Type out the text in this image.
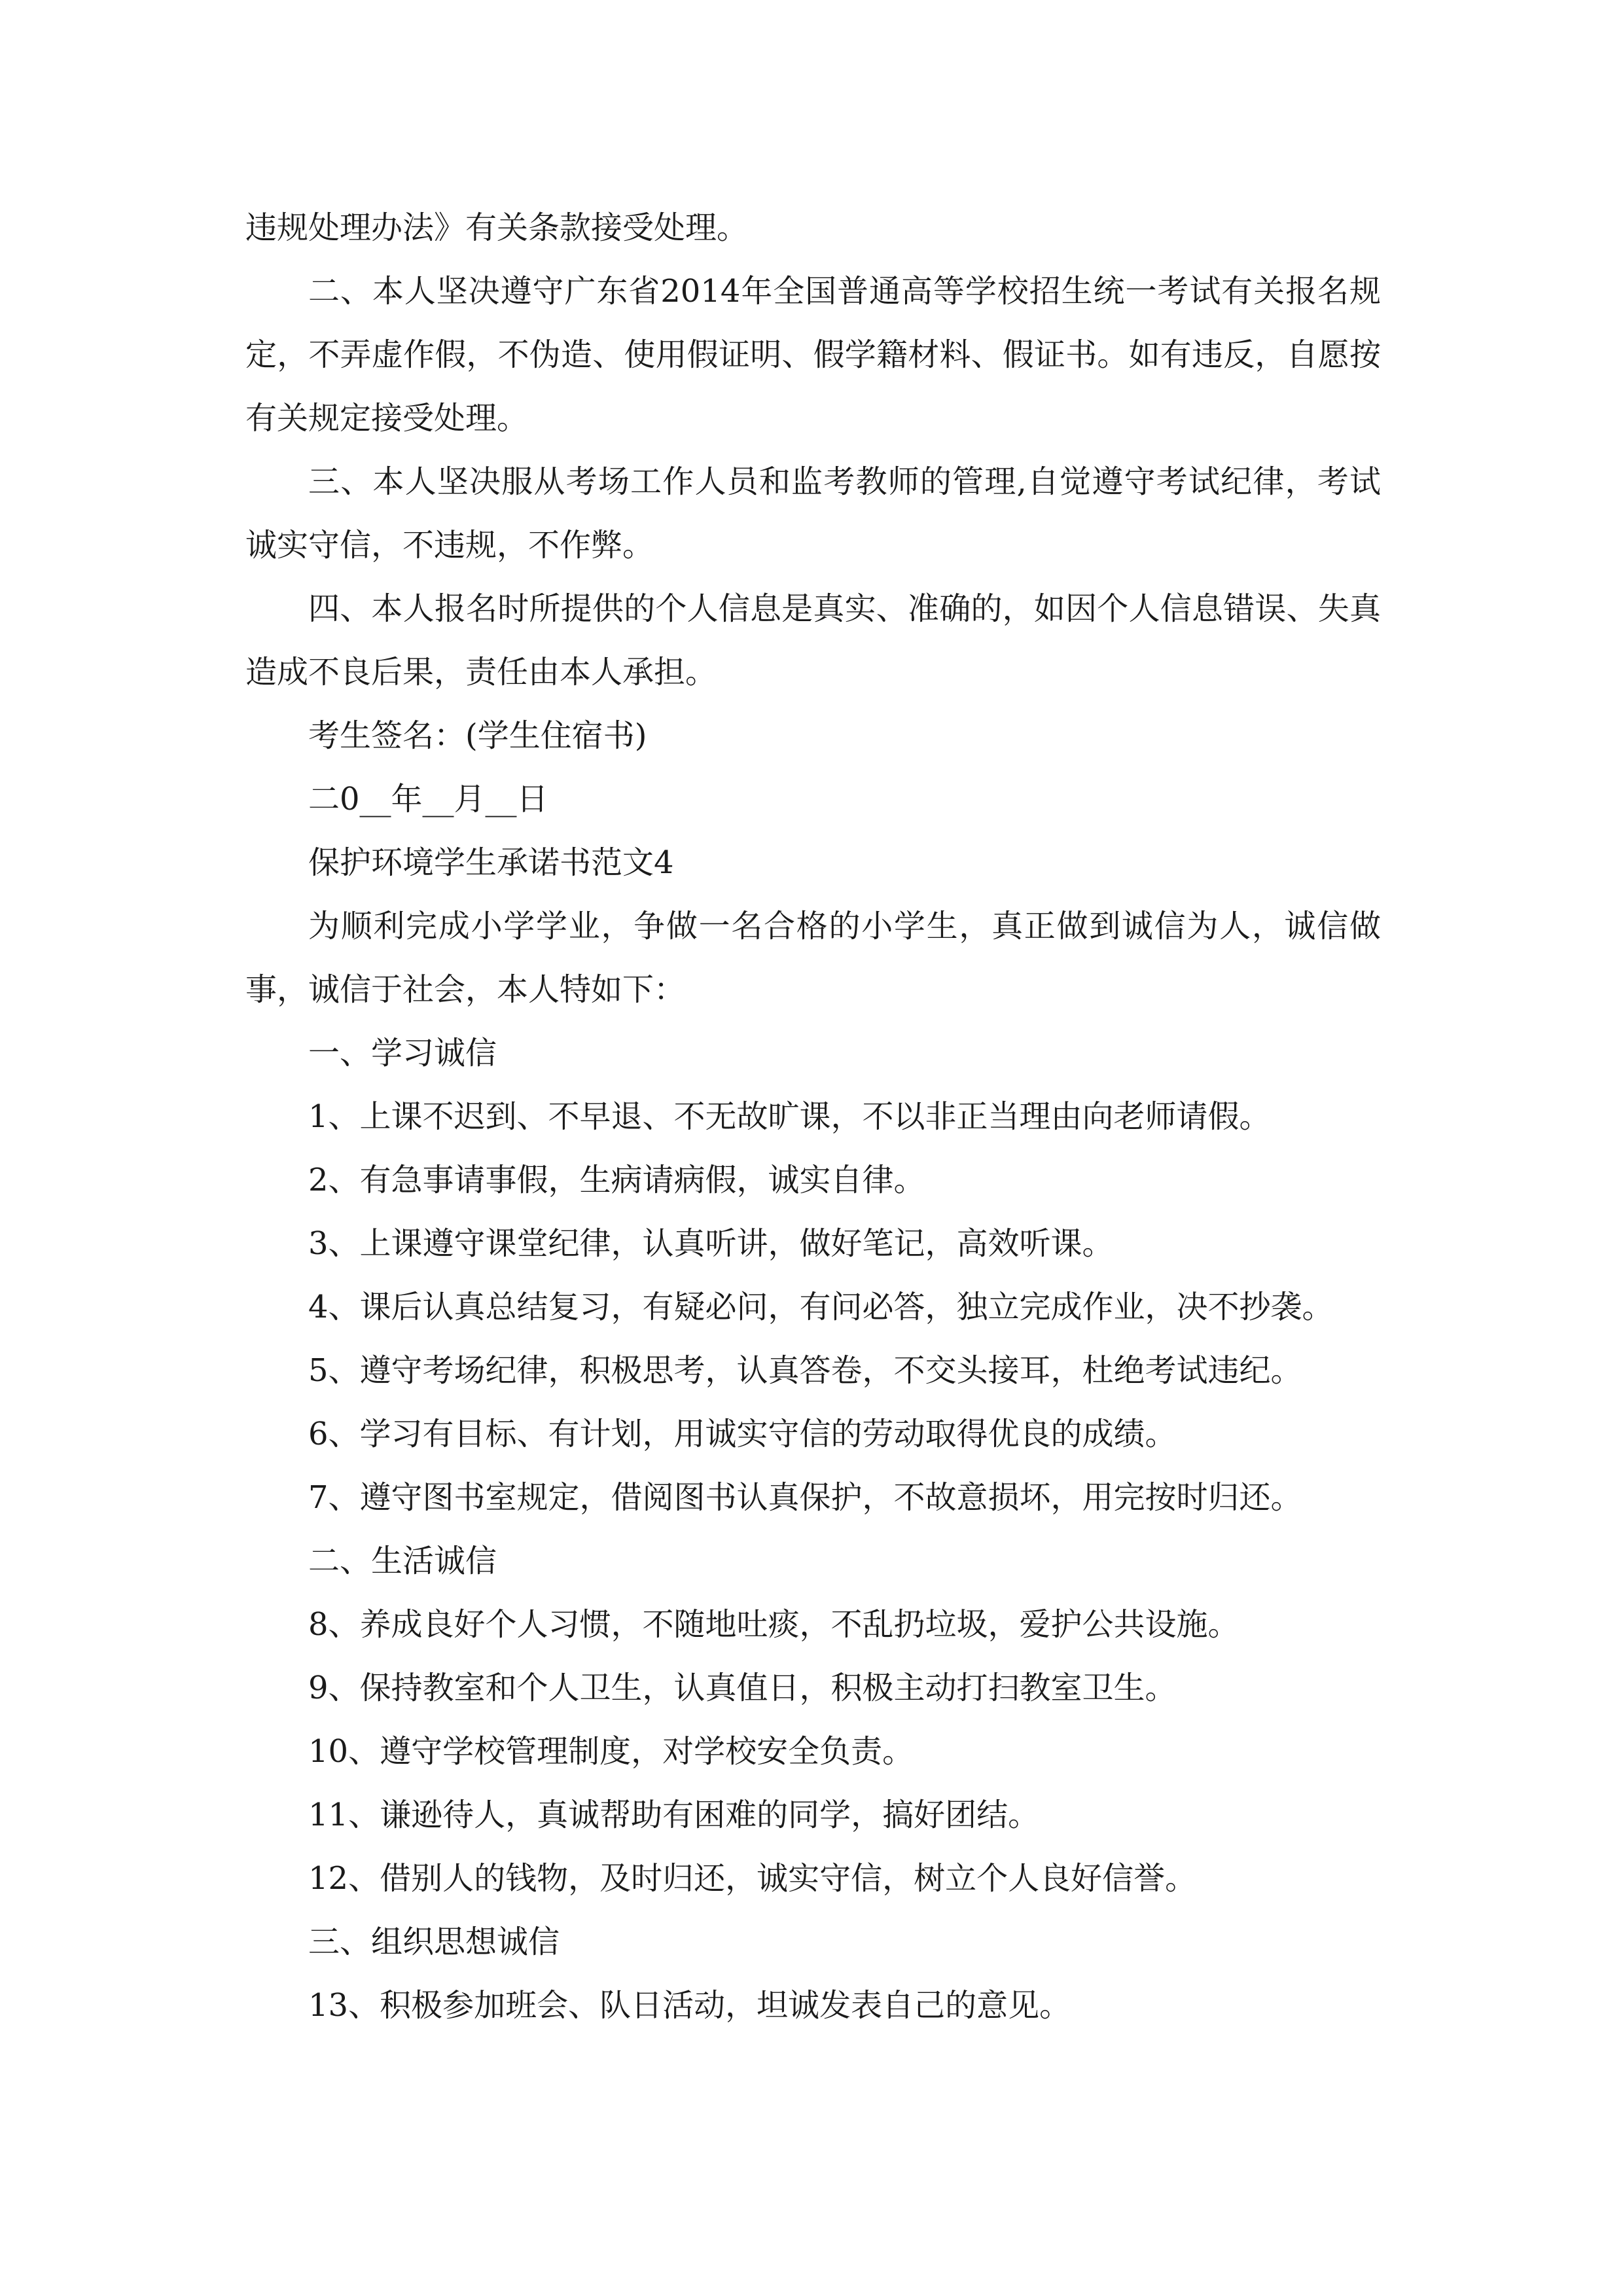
违规处理办法》有关条款接受处理。

二、本人坚决遵守广东省2014年全国普通高等学校招生统一考试有关报名规定，不弄虚作假，不伪造、使用假证明、假学籍材料、假证书。如有违反，自愿按有关规定接受处理。

三、本人坚决服从考场工作人员和监考教师的管理,自觉遵守考试纪律，考试诚实守信，不违规，不作弊。

四、本人报名时所提供的个人信息是真实、准确的，如因个人信息错误、失真造成不良后果，责任由本人承担。

考生签名：(学生住宿书)

二0__年__月__日

保护环境学生承诺书范文4

为顺利完成小学学业，争做一名合格的小学生，真正做到诚信为人，诚信做事，诚信于社会，本人特如下：

一、学习诚信

1、上课不迟到、不早退、不无故旷课，不以非正当理由向老师请假。

2、有急事请事假，生病请病假，诚实自律。

3、上课遵守课堂纪律，认真听讲，做好笔记，高效听课。

4、课后认真总结复习，有疑必问，有问必答，独立完成作业，决不抄袭。

5、遵守考场纪律，积极思考，认真答卷，不交头接耳，杜绝考试违纪。

6、学习有目标、有计划，用诚实守信的劳动取得优良的成绩。

7、遵守图书室规定，借阅图书认真保护，不故意损坏，用完按时归还。

二、生活诚信

8、养成良好个人习惯，不随地吐痰，不乱扔垃圾，爱护公共设施。

9、保持教室和个人卫生，认真值日，积极主动打扫教室卫生。

10、遵守学校管理制度，对学校安全负责。

11、谦逊待人，真诚帮助有困难的同学，搞好团结。

12、借别人的钱物，及时归还，诚实守信，树立个人良好信誉。

三、组织思想诚信

13、积极参加班会、队日活动，坦诚发表自己的意见。
